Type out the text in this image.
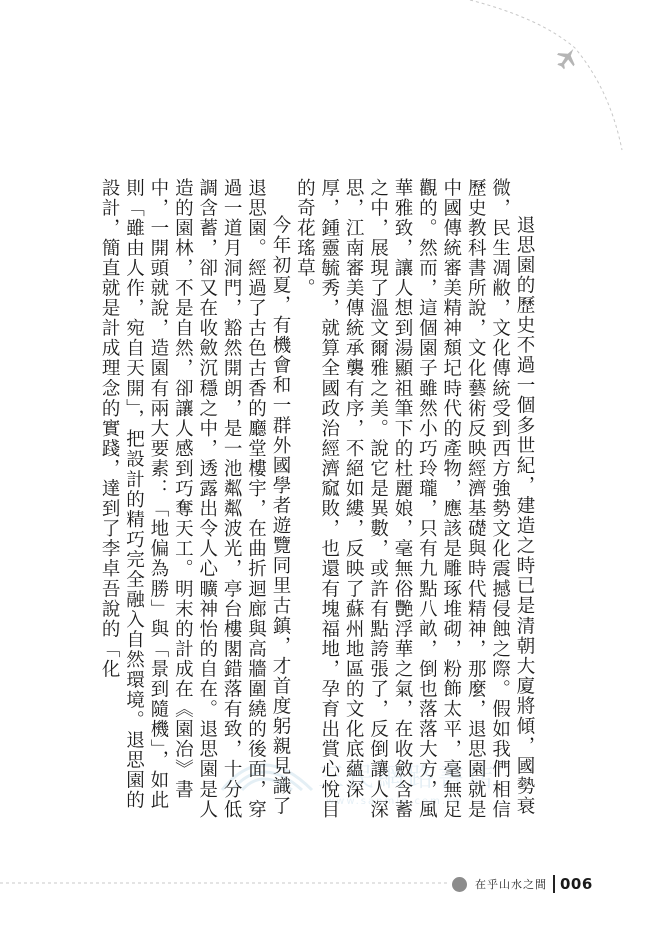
三民網路書店
www.sanmin.com.tw	退思園的歷史不過一個多世紀，建造之時已是清朝大廈將傾，國勢衰微，民生凋敝，文化傳統受到西方強勢文化震撼侵蝕之際。假如我們相信歷史教科書所說，文化藝術反映經濟基礎與時代精神，那麼，退思園就是中國傳統審美精神頹圮時代的產物，應該是雕琢堆砌，粉飾太平，毫無足觀的。然而，這個園子雖然小巧玲瓏，只有九點八畝，倒也落落大方，風華雅致，讓人想到湯顯祖筆下的杜麗娘，毫無俗艷浮華之氣，在收斂含蓄之中，展現了溫文爾雅之美。說它是異數，或許有點誇張了，反倒讓人深思，江南審美傳統承襲有序，不絕如縷，反映了蘇州地區的文化底蘊深厚，鍾靈毓秀，就算全國政治經濟窳敗，也還有塊福地，孕育出賞心悅目的奇花瑤草。

今年初夏，有機會和一群外國學者遊覽同里古鎮，才首度躬親見識了退思園。經過了古色古香的廳堂樓宇，在曲折迴廊與高牆圍繞的後面，穿過一道月洞門，豁然開朗，是一池粼粼波光，亭台樓閣錯落有致，十分低調含蓄，卻又在收斂沉穩之中，透露出令人心曠神怡的自在。退思園是人造的園林，不是自然，卻讓人感到巧奪天工。明末的計成在《園冶》書中，一開頭就說，造園有兩大要素：「地偏為勝」與「景到隨機」，如此則「雖由人作，宛自天開」，把設計的精巧完全融入自然環境。退思園的設計，簡直就是計成理念的實踐，達到了李卓吾說的「化

在乎山水之間 006
